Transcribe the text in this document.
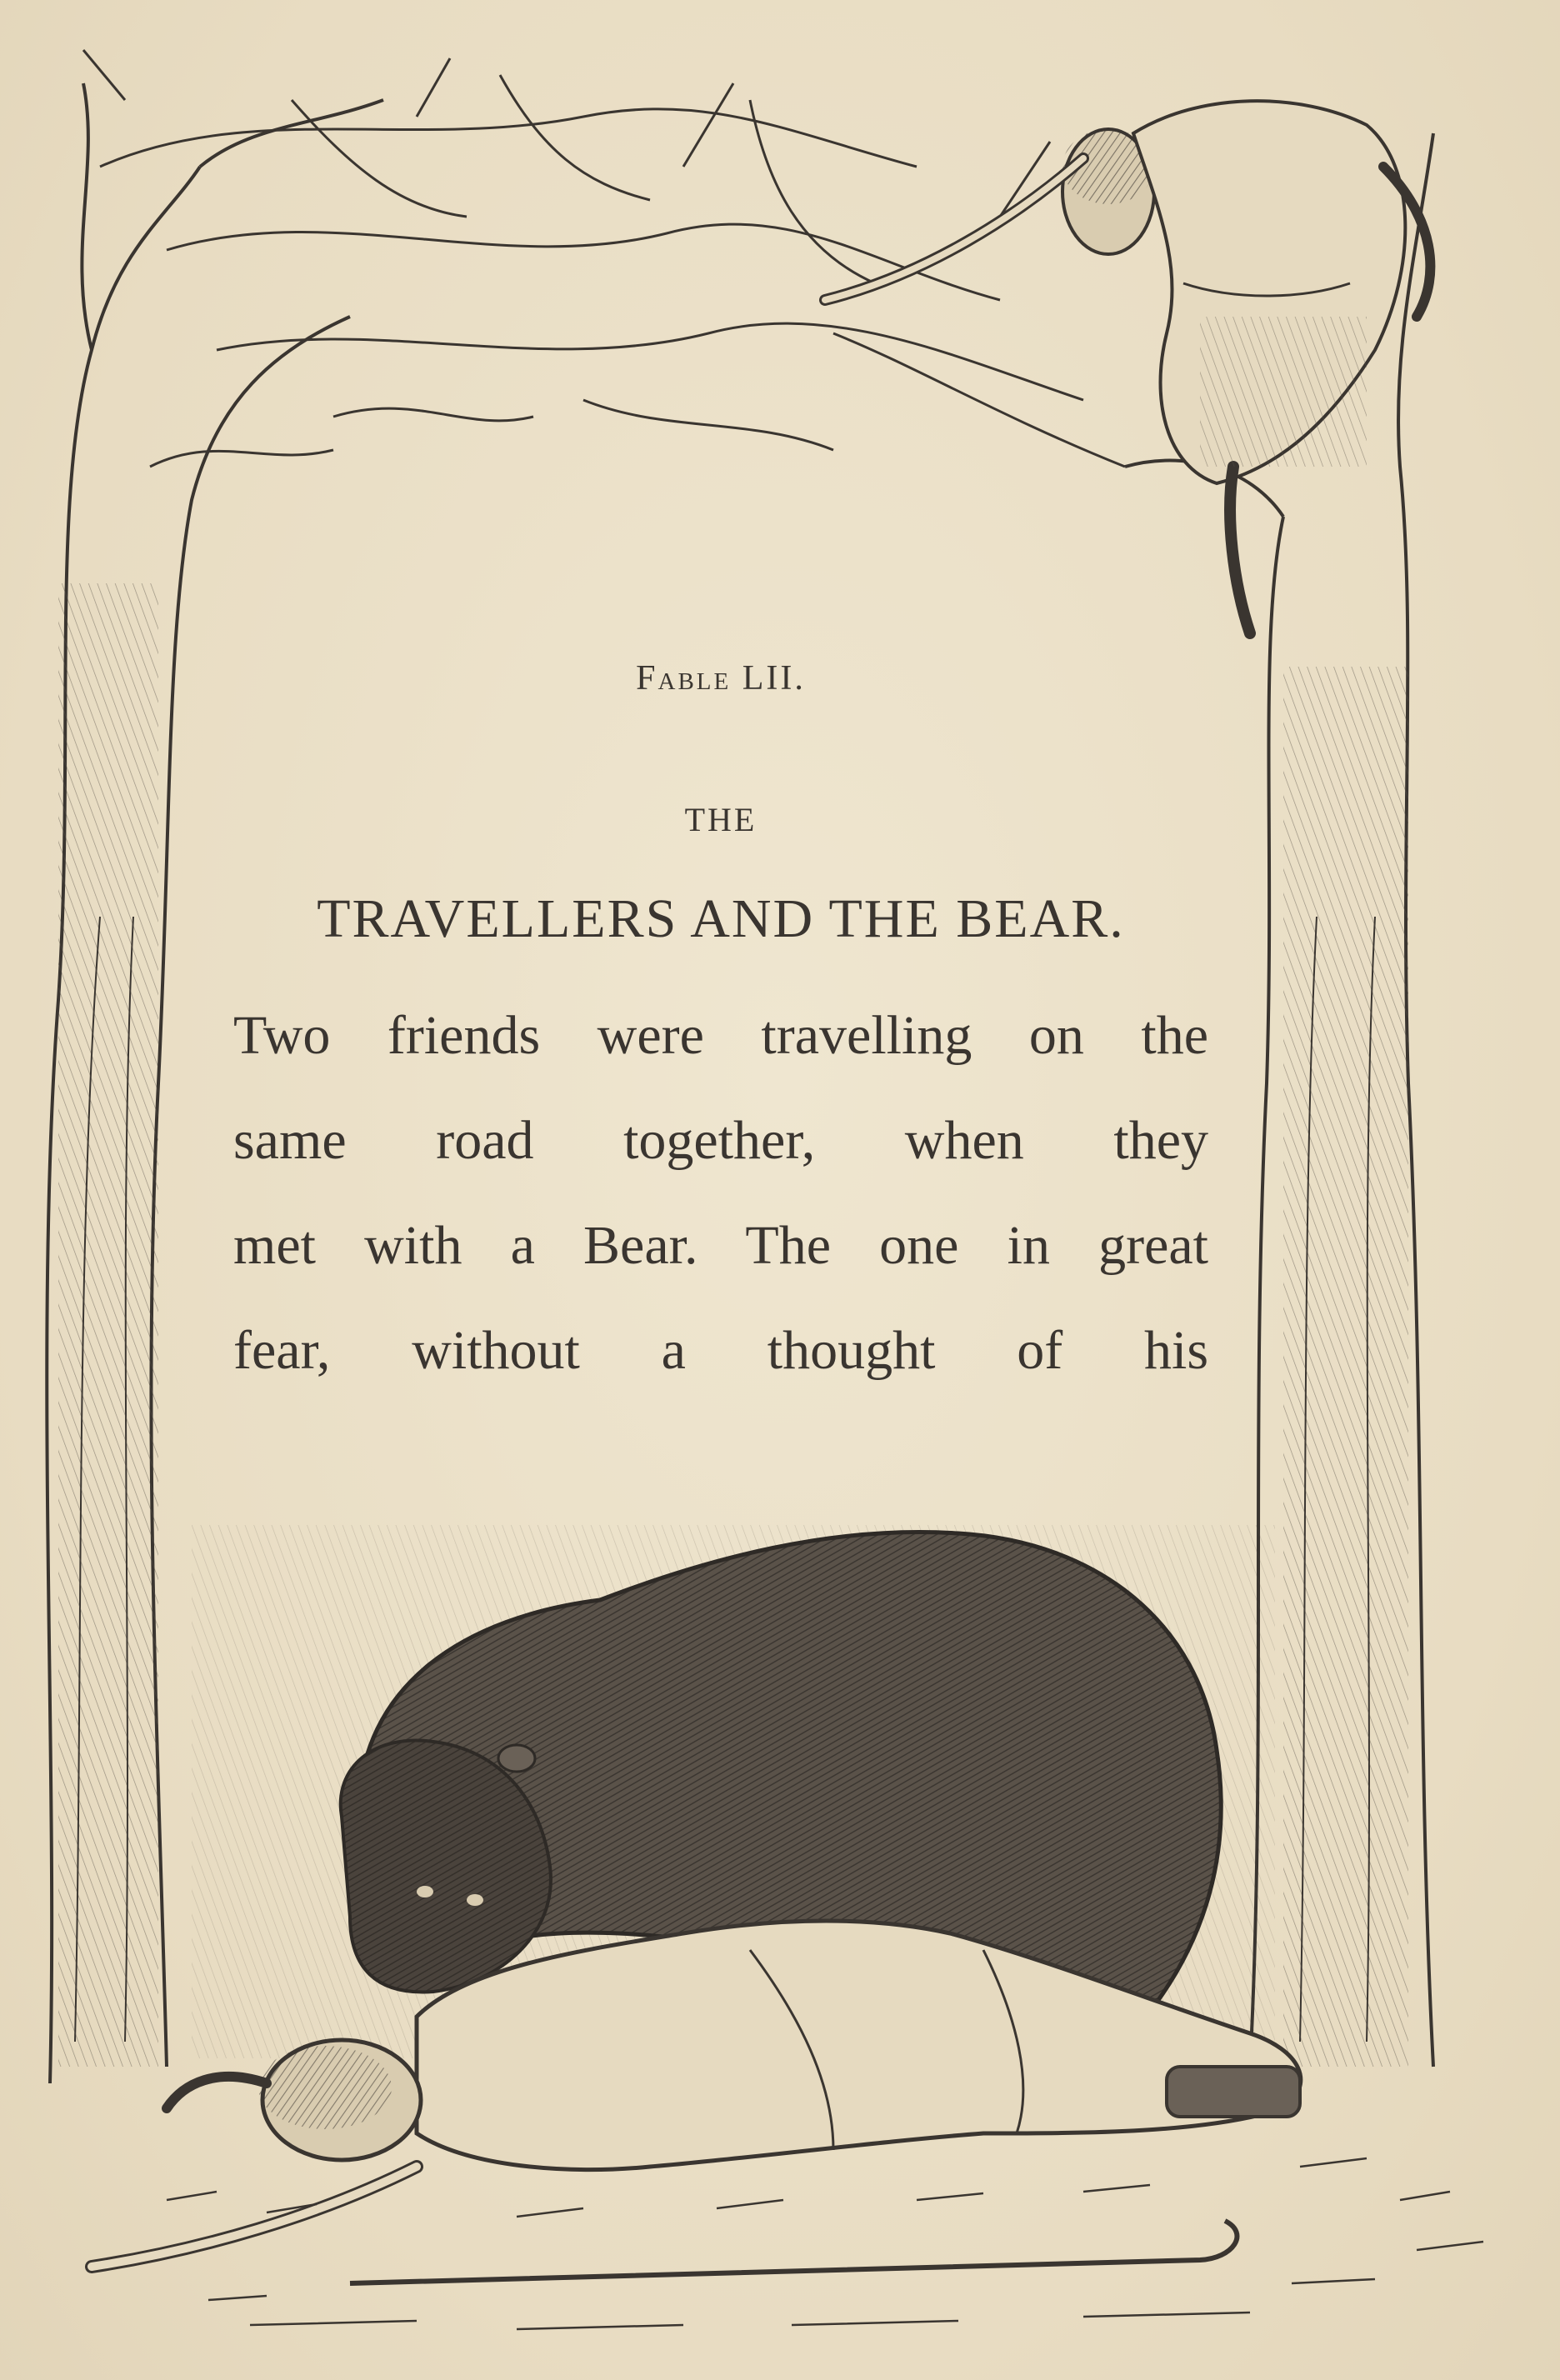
Fable LII.
THE
TRAVELLERS AND THE BEAR.
Two friends were travelling on the
same road together, when they
met with a Bear. The one in great
fear, without a thought of his
